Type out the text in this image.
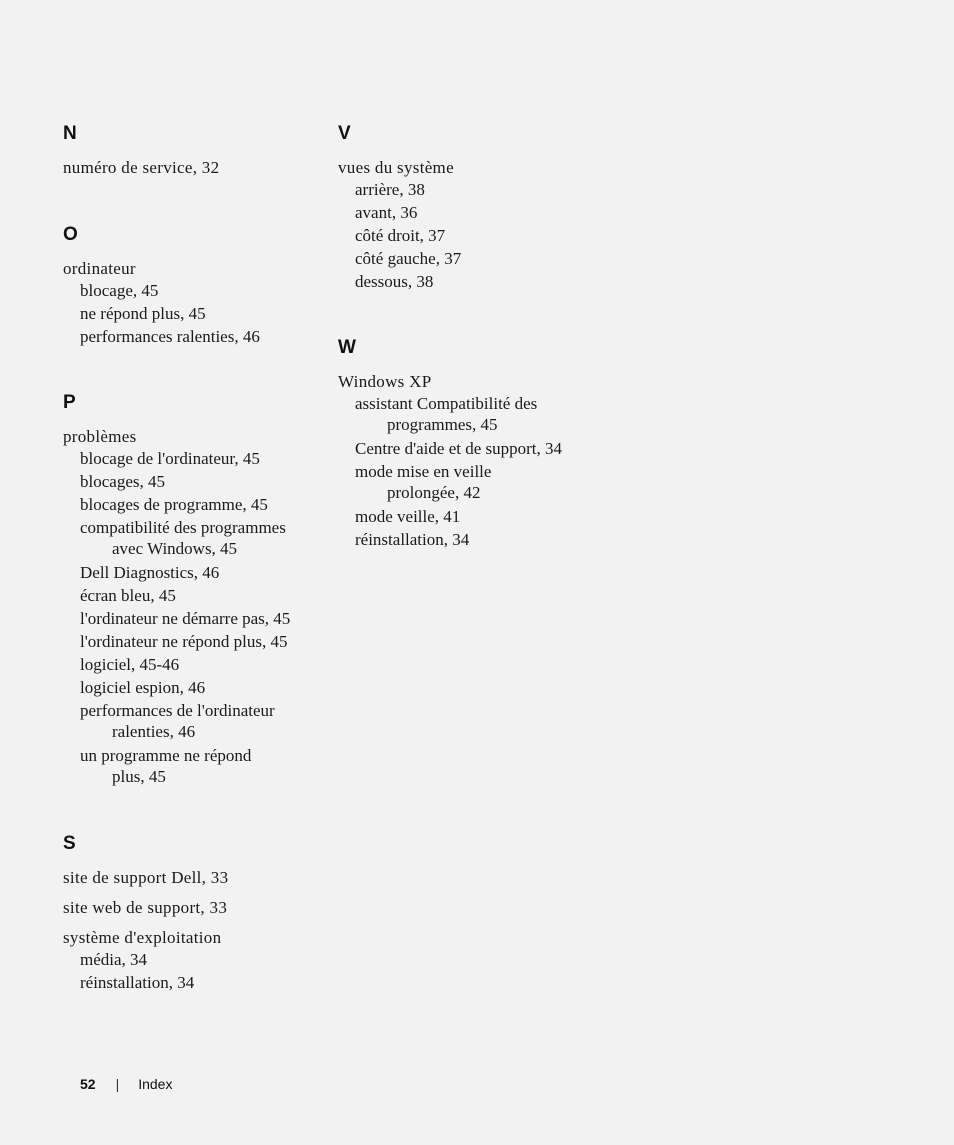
N
numéro de service, 32
O
ordinateur
blocage, 45
ne répond plus, 45
performances ralenties, 46
P
problèmes
blocage de l'ordinateur, 45
blocages, 45
blocages de programme, 45
compatibilité des programmes
avec Windows, 45
Dell Diagnostics, 46
écran bleu, 45
l'ordinateur ne démarre pas, 45
l'ordinateur ne répond plus, 45
logiciel, 45-46
logiciel espion, 46
performances de l'ordinateur
ralenties, 46
un programme ne répond
plus, 45
S
site de support Dell, 33
site web de support, 33
système d'exploitation
média, 34
réinstallation, 34
V
vues du système
arrière, 38
avant, 36
côté droit, 37
côté gauche, 37
dessous, 38
W
Windows XP
assistant Compatibilité des
programmes, 45
Centre d'aide et de support, 34
mode mise en veille
prolongée, 42
mode veille, 41
réinstallation, 34
52 | Index
